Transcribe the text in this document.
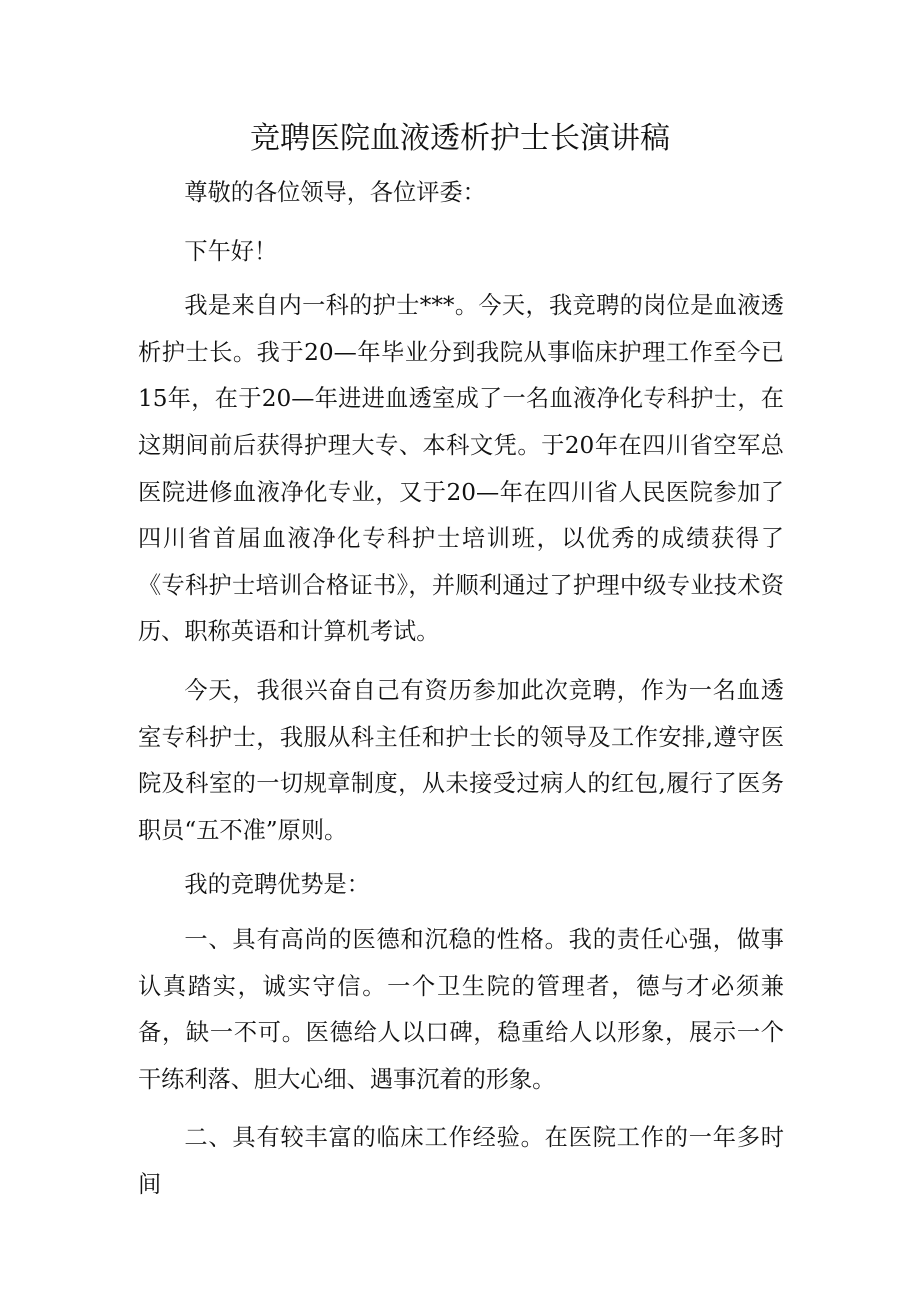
竞聘医院血液透析护士长演讲稿

尊敬的各位领导，各位评委：

下午好！

我是来自内一科的护士***。今天，我竞聘的岗位是血液透析护士长。我于20—年毕业分到我院从事临床护理工作至今已15年，在于20—年进进血透室成了一名血液净化专科护士，在这期间前后获得护理大专、本科文凭。于20年在四川省空军总医院进修血液净化专业，又于20—年在四川省人民医院参加了四川省首届血液净化专科护士培训班，以优秀的成绩获得了《专科护士培训合格证书》，并顺利通过了护理中级专业技术资历、职称英语和计算机考试。

今天，我很兴奋自己有资历参加此次竞聘，作为一名血透室专科护士，我服从科主任和护士长的领导及工作安排,遵守医院及科室的一切规章制度，从未接受过病人的红包,履行了医务职员“五不准”原则。

我的竞聘优势是：

一、具有高尚的医德和沉稳的性格。我的责任心强，做事认真踏实，诚实守信。一个卫生院的管理者，德与才必须兼备，缺一不可。医德给人以口碑，稳重给人以形象，展示一个干练利落、胆大心细、遇事沉着的形象。

二、具有较丰富的临床工作经验。在医院工作的一年多时间
